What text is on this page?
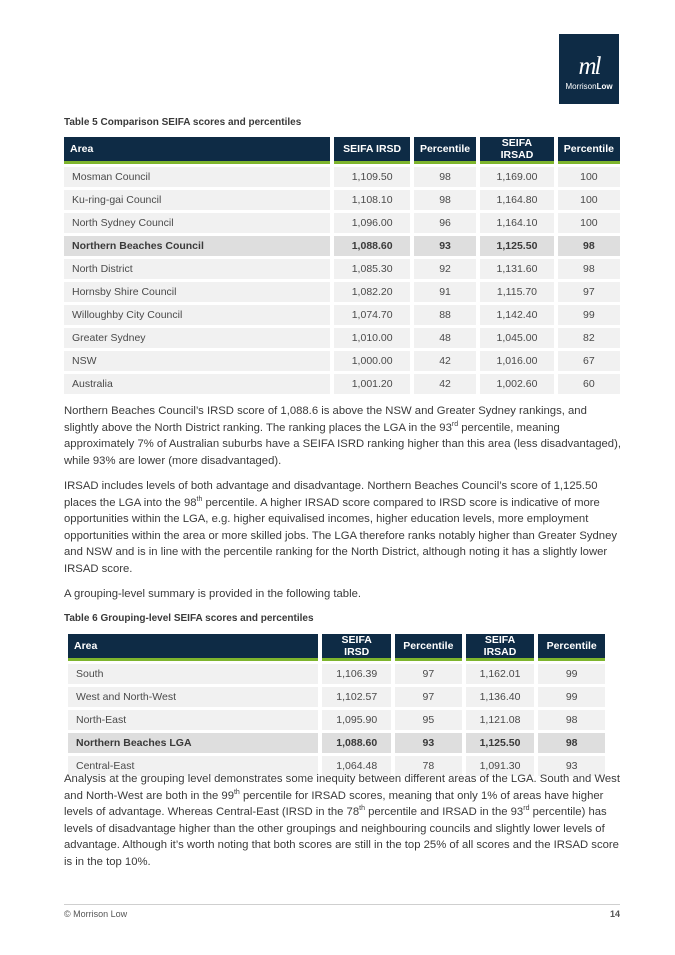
ml
MorrisonLow
Table 5 Comparison SEIFA scores and percentiles
Area	SEIFA IRSD	Percentile	SEIFA IRSAD	Percentile
Mosman Council	1,109.50	98	1,169.00	100
Ku-ring-gai Council	1,108.10	98	1,164.80	100
North Sydney Council	1,096.00	96	1,164.10	100
Northern Beaches Council	1,088.60	93	1,125.50	98
North District	1,085.30	92	1,131.60	98
Hornsby Shire Council	1,082.20	91	1,115.70	97
Willoughby City Council	1,074.70	88	1,142.40	99
Greater Sydney	1,010.00	48	1,045.00	82
NSW	1,000.00	42	1,016.00	67
Australia	1,001.20	42	1,002.60	60

Northern Beaches Council’s IRSD score of 1,088.6 is above the NSW and Greater Sydney rankings, and slightly above the North District ranking. The ranking places the LGA in the 93rd percentile, meaning approximately 7% of Australian suburbs have a SEIFA ISRD ranking higher than this area (less disadvantaged), while 93% are lower (more disadvantaged).

IRSAD includes levels of both advantage and disadvantage. Northern Beaches Council’s score of 1,125.50 places the LGA into the 98th percentile. A higher IRSAD score compared to IRSD score is indicative of more opportunities within the LGA, e.g. higher equivalised incomes, higher education levels, more employment opportunities within the area or more skilled jobs. The LGA therefore ranks notably higher than Greater Sydney and NSW and is in line with the percentile ranking for the North District, although noting it has a slightly lower IRSAD score.

A grouping-level summary is provided in the following table.

Table 6 Grouping-level SEIFA scores and percentiles
Area	SEIFA IRSD	Percentile	SEIFA IRSAD	Percentile
South	1,106.39	97	1,162.01	99
West and North-West	1,102.57	97	1,136.40	99
North-East	1,095.90	95	1,121.08	98
Northern Beaches LGA	1,088.60	93	1,125.50	98
Central-East	1,064.48	78	1,091.30	93

Analysis at the grouping level demonstrates some inequity between different areas of the LGA. South and West and North-West are both in the 99th percentile for IRSAD scores, meaning that only 1% of areas have higher levels of advantage. Whereas Central-East (IRSD in the 78th percentile and IRSAD in the 93rd percentile) has levels of disadvantage higher than the other groupings and neighbouring councils and slightly lower levels of advantage. Although it’s worth noting that both scores are still in the top 25% of all scores and the IRSAD score is in the top 10%.

© Morrison Low	14
